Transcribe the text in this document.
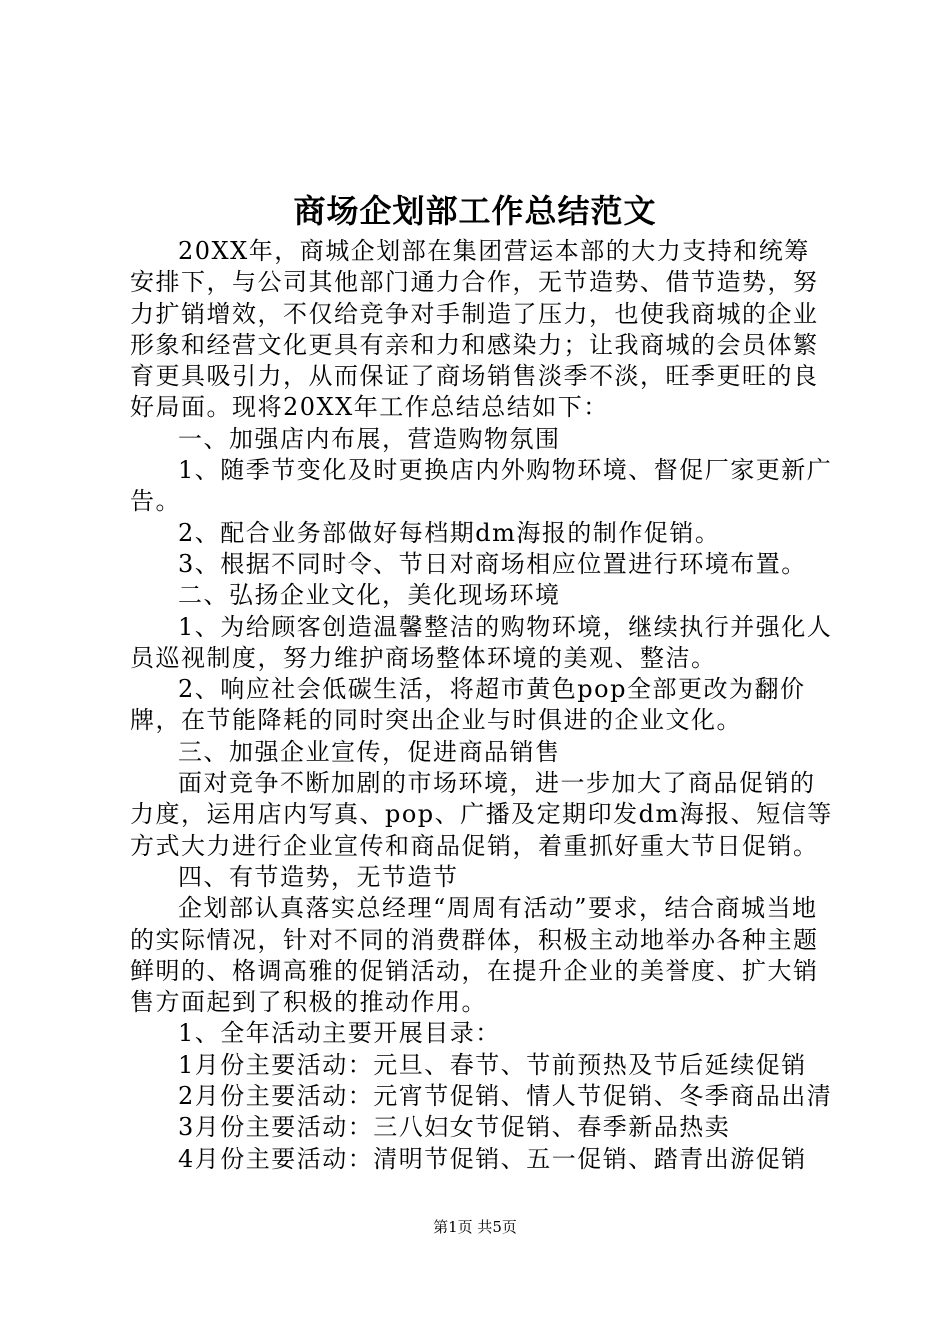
商场企划部工作总结范文

20XX年，商城企划部在集团营运本部的大力支持和统筹安排下，与公司其他部门通力合作，无节造势、借节造势，努力扩销增效，不仅给竞争对手制造了压力，也使我商城的企业形象和经营文化更具有亲和力和感染力；让我商城的会员体繁育更具吸引力，从而保证了商场销售淡季不淡，旺季更旺的良好局面。现将20XX年工作总结总结如下：

一、加强店内布展，营造购物氛围

1、随季节变化及时更换店内外购物环境、督促厂家更新广告。

2、配合业务部做好每档期dm海报的制作促销。

3、根据不同时令、节日对商场相应位置进行环境布置。

二、弘扬企业文化，美化现场环境

1、为给顾客创造温馨整洁的购物环境，继续执行并强化人员巡视制度，努力维护商场整体环境的美观、整洁。

2、响应社会低碳生活，将超市黄色pop全部更改为翻价牌，在节能降耗的同时突出企业与时俱进的企业文化。

三、加强企业宣传，促进商品销售

面对竞争不断加剧的市场环境，进一步加大了商品促销的力度，运用店内写真、pop、广播及定期印发dm海报、短信等方式大力进行企业宣传和商品促销，着重抓好重大节日促销。

四、有节造势，无节造节

企划部认真落实总经理“周周有活动”要求，结合商城当地的实际情况，针对不同的消费群体，积极主动地举办各种主题鲜明的、格调高雅的促销活动，在提升企业的美誉度、扩大销售方面起到了积极的推动作用。

1、全年活动主要开展目录：

1月份主要活动：元旦、春节、节前预热及节后延续促销

2月份主要活动：元宵节促销、情人节促销、冬季商品出清

3月份主要活动：三八妇女节促销、春季新品热卖

4月份主要活动：清明节促销、五一促销、踏青出游促销

第1页 共5页
